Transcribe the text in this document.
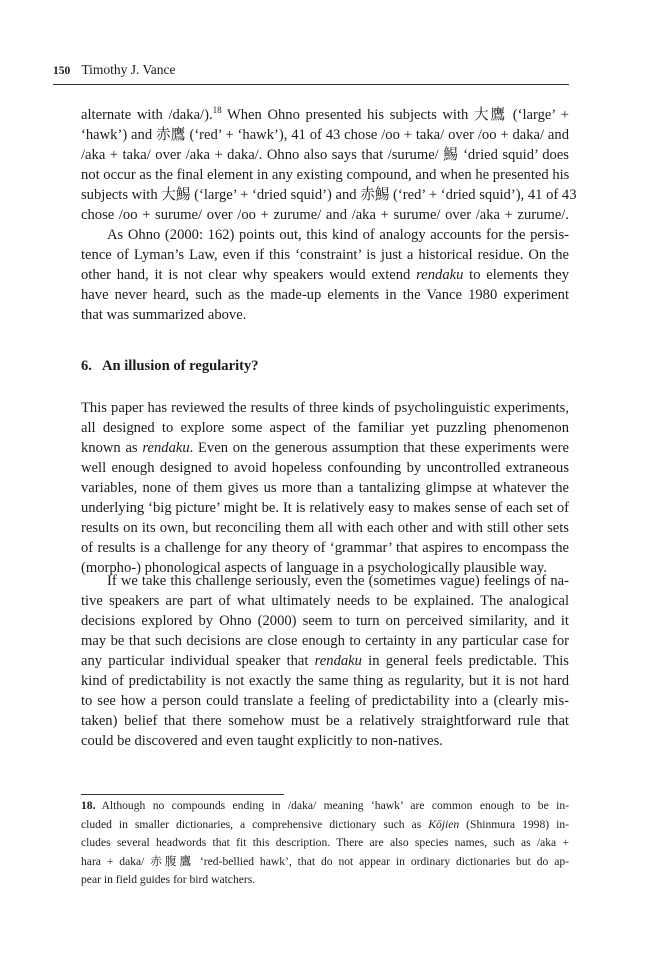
150 Timothy J. Vance
alternate with /daka/).$^{18}$ When Ohno presented his subjects with 大鷹 (‘large’ +
‘hawk’) and 赤鷹 (‘red’ + ‘hawk’), 41 of 43 chose /oo + taka/ over /oo + daka/ and
/aka + taka/ over /aka + daka/. Ohno also says that /surume/ 鯣 ‘dried squid’ does
not occur as the final element in any existing compound, and when he presented his
subjects with 大鯣 (‘large’ + ‘dried squid’) and 赤鯣 (‘red’ + ‘dried squid’), 41 of 43
chose /oo + surume/ over /oo + zurume/ and /aka + surume/ over /aka + zurume/.
As Ohno (2000: 162) points out, this kind of analogy accounts for the persis-
tence of Lyman’s Law, even if this ‘constraint’ is just a historical residue. On the
other hand, it is not clear why speakers would extend rendaku to elements they
have never heard, such as the made-up elements in the Vance 1980 experiment
that was summarized above.
6. An illusion of regularity?
This paper has reviewed the results of three kinds of psycholinguistic experiments,
all designed to explore some aspect of the familiar yet puzzling phenomenon
known as rendaku. Even on the generous assumption that these experiments were
well enough designed to avoid hopeless confounding by uncontrolled extraneous
variables, none of them gives us more than a tantalizing glimpse at whatever the
underlying ‘big picture’ might be. It is relatively easy to makes sense of each set of
results on its own, but reconciling them all with each other and with still other sets
of results is a challenge for any theory of ‘grammar’ that aspires to encompass the
(morpho-) phonological aspects of language in a psychologically plausible way.
If we take this challenge seriously, even the (sometimes vague) feelings of na-
tive speakers are part of what ultimately needs to be explained. The analogical
decisions explored by Ohno (2000) seem to turn on perceived similarity, and it
may be that such decisions are close enough to certainty in any particular case for
any particular individual speaker that rendaku in general feels predictable. This
kind of predictability is not exactly the same thing as regularity, but it is not hard
to see how a person could translate a feeling of predictability into a (clearly mis-
taken) belief that there somehow must be a relatively straightforward rule that
could be discovered and even taught explicitly to non-natives.
18. Although no compounds ending in /daka/ meaning ‘hawk’ are common enough to be in-
cluded in smaller dictionaries, a comprehensive dictionary such as Kōjien (Shinmura 1998) in-
cludes several headwords that fit this description. There are also species names, such as /aka +
hara + daka/ 赤腹鷹 ‘red-bellied hawk’, that do not appear in ordinary dictionaries but do ap-
pear in field guides for bird watchers.
